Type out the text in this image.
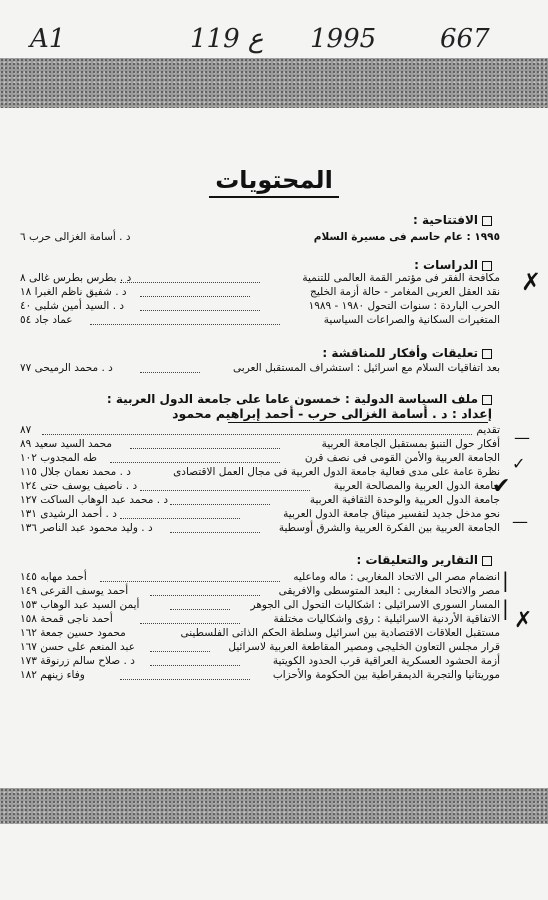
A1	119 ع 1995 667
المحتويات
الافتتاحية :
١٩٩٥ : عام حاسم فى مسيرة السلام
د . أسامة الغزالى حرب ٦
الدراسات :
مكافحة الفقر فى مؤتمر القمة العالمى للتنمية
د . بطرس بطرس غالى ٨
نقد العقل العربى المغامر - حالة أزمة الخليج
د . شفيق ناظم الغبرا ١٨
الحرب الباردة : سنوات التحول ١٩٨٠ - ١٩٨٩
د . السيد أمين شلبى ٤٠
المتغيرات السكانية والصراعات السياسية
عماد جاد ٥٤
✗
تعليقات وأفكار للمناقشة :
بعد اتفاقيات السلام مع اسرائيل : استشراف المستقبل العربى
د . محمد الرميحى ٧٧
ملف السياسة الدولية : خمسون عاما على جامعة الدول العربية :
إعداد : د . أسامة الغزالى حرب - أحمد إبراهيم محمود
تقديم
٨٧
أفكار حول التنبؤ بمستقبل الجامعة العربية
محمد السيد سعيد ٨٩
الجامعة العربية والأمن القومى فى نصف قرن
طه المجدوب ١٠٢
نظرة عامة على مدى فعالية جامعة الدول العربية فى مجال العمل الاقتصادى
د . محمد نعمان جلال ١١٥
جامعة الدول العربية والمصالحة العربية
د . ناصيف يوسف حتى ١٢٤
جامعة الدول العربية والوحدة الثقافية العربية
د . محمد عبد الوهاب الساكت ١٢٧
نحو مدخل جديد لتفسير ميثاق جامعة الدول العربية
د . أحمد الرشيدى ١٣١
الجامعة العربية بين الفكرة العربية والشرق أوسطية
د . وليد محمود عبد الناصر ١٣٦
—
✓
✔
—
التقارير والتعليقات :
انضمام مصر الى الاتحاد المغاربى : ماله وماعليه
أحمد مهابه ١٤٥
مصر والاتحاد المغاربى : البعد المتوسطى والافريقى
أحمد يوسف القرعى ١٤٩
المسار السورى الاسرائيلى : اشكاليات التحول الى الجوهر
أيمن السيد عبد الوهاب ١٥٣
الاتفاقية الأردنية الاسرائيلية : رؤى واشكاليات مختلفة
أحمد ناجى قمحة ١٥٨
مستقبل العلاقات الاقتصادية بين اسرائيل وسلطة الحكم الذاتى الفلسطينى
محمود حسين جمعة ١٦٢
قرار مجلس التعاون الخليجى ومصير المقاطعة العربية لاسرائيل
عبد المنعم على حسن ١٦٧
أزمة الحشود العسكرية العراقية قرب الحدود الكويتية
د . صلاح سالم زرنوقة ١٧٣
موريتانيا والتجربة الديمقراطية بين الحكومة والأحزاب
وفاء زينهم ١٨٢
|
| ✗
